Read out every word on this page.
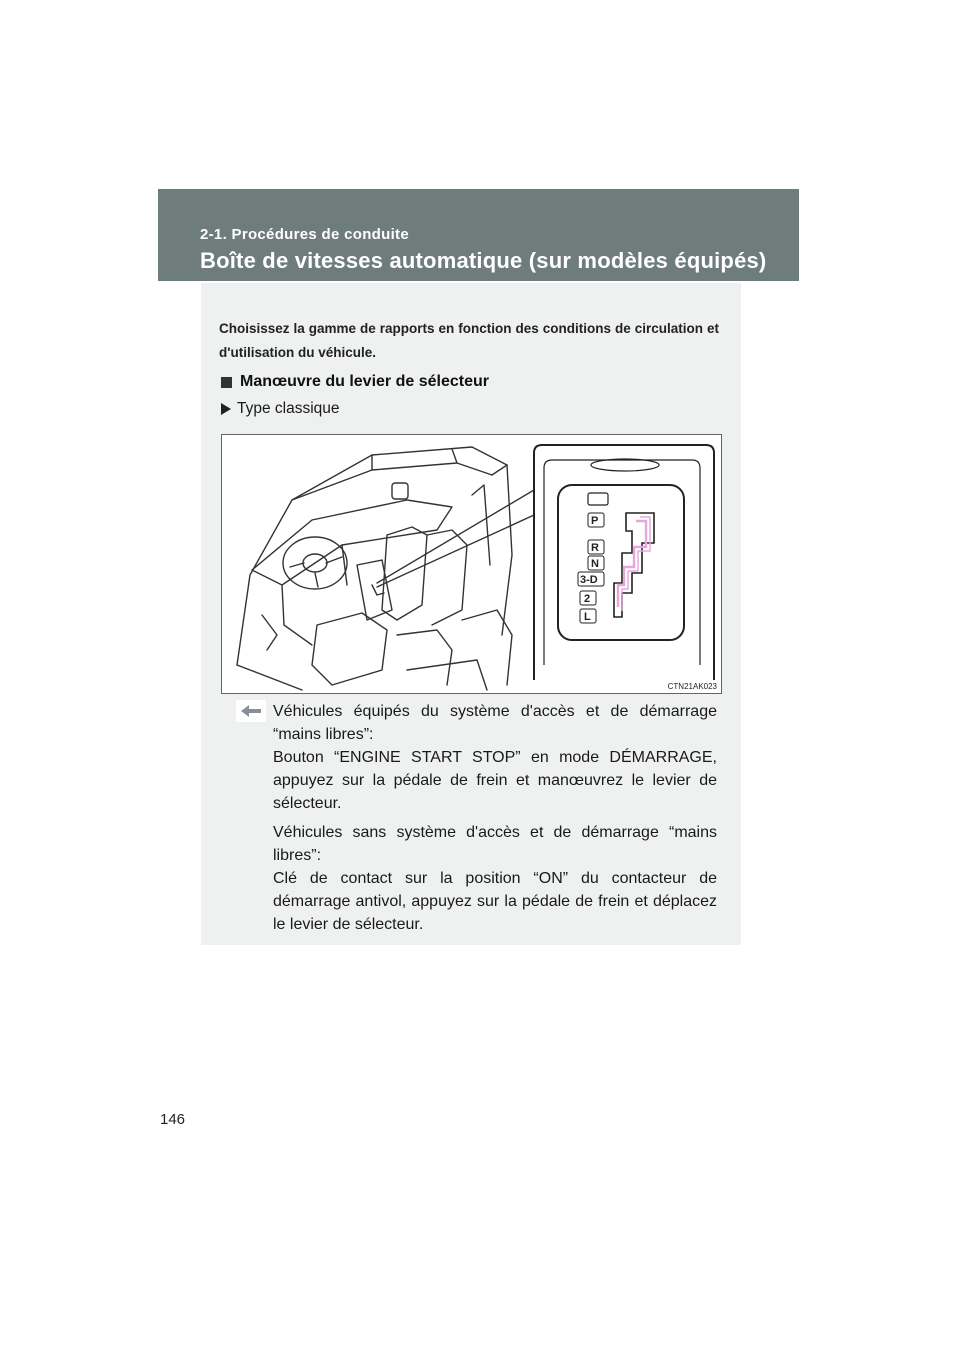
2-1. Procédures de conduite
Boîte de vitesses automatique (sur modèles équipés)
Choisissez la gamme de rapports en fonction des conditions de circulation et d'utilisation du véhicule.
Manœuvre du levier de sélecteur
Type classique
P
R
N
3-D
2
L
CTN21AK023

Véhicules équipés du système d'accès et de démarrage “mains libres”:
Bouton “ENGINE START STOP” en mode DÉMARRAGE, appuyez sur la pédale de frein et manœuvrez le levier de sélecteur.

Véhicules sans système d'accès et de démarrage “mains libres”:
Clé de contact sur la position “ON” du contacteur de démarrage antivol, appuyez sur la pédale de frein et déplacez le levier de sélecteur.

146
